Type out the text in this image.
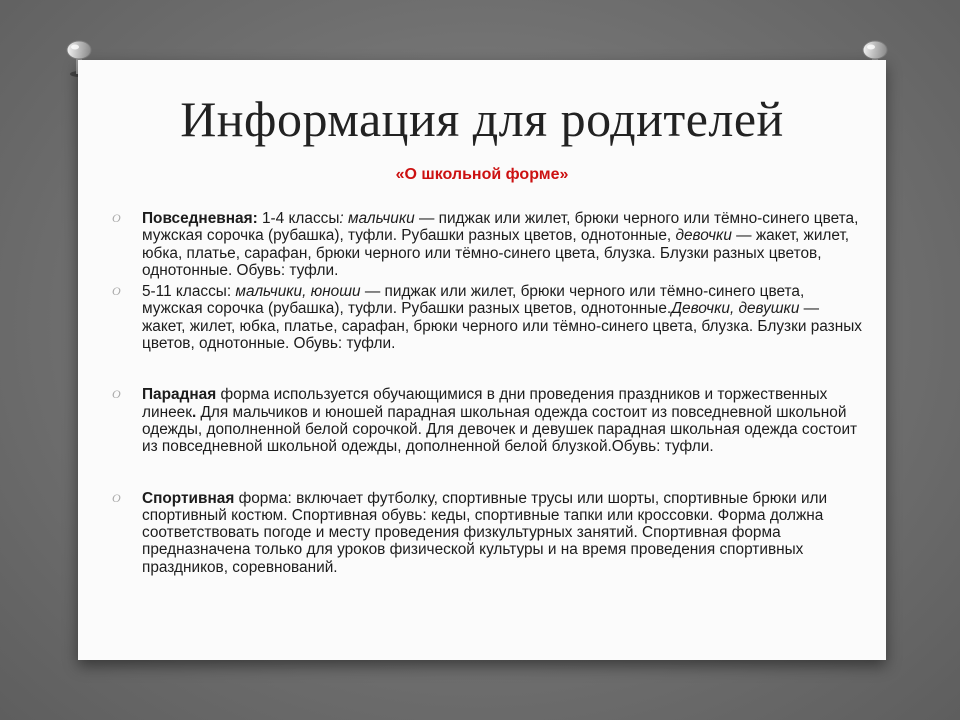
Информация для родителей
«О школьной форме»
O Повседневная: 1-4 классы: мальчики — пиджак или жилет, брюки черного или тёмно-синего цвета, мужская сорочка (рубашка), туфли. Рубашки разных цветов, однотонные, девочки — жакет, жилет, юбка, платье, сарафан, брюки черного или тёмно-синего цвета, блузка. Блузки разных цветов, однотонные. Обувь: туфли.
O 5-11 классы: мальчики, юноши — пиджак или жилет, брюки черного или тёмно-синего цвета, мужская сорочка (рубашка), туфли. Рубашки разных цветов, однотонные.Девочки, девушки — жакет, жилет, юбка, платье, сарафан, брюки черного или тёмно-синего цвета, блузка. Блузки разных цветов, однотонные. Обувь: туфли.
O Парадная форма используется обучающимися в дни проведения праздников и торжественных линеек. Для мальчиков и юношей парадная школьная одежда состоит из повседневной школьной одежды, дополненной белой сорочкой. Для девочек и девушек парадная школьная одежда состоит из повседневной школьной одежды, дополненной белой блузкой.Обувь: туфли.
O Спортивная форма: включает футболку, спортивные трусы или шорты, спортивные брюки или спортивный костюм. Спортивная обувь: кеды, спортивные тапки или кроссовки. Форма должна соответствовать погоде и месту проведения физкультурных занятий. Спортивная форма предназначена только для уроков физической культуры и на время проведения спортивных праздников, соревнований.
